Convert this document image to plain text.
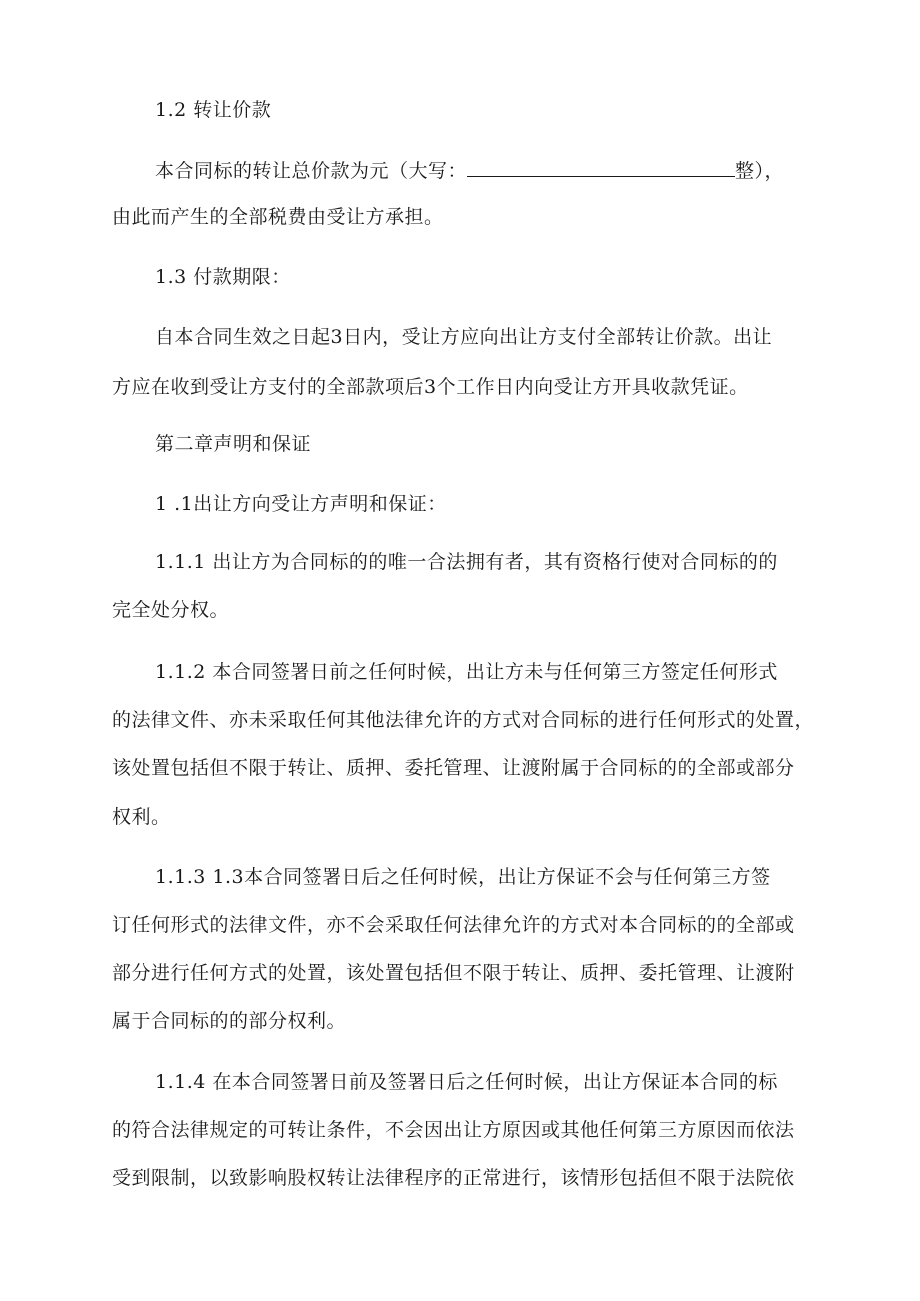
1.2 转让价款
本合同标的转让总价款为元（大写：	整），
由此而产生的全部税费由受让方承担。
1.3 付款期限：
自本合同生效之日起3日内，受让方应向出让方支付全部转让价款。出让
方应在收到受让方支付的全部款项后3个工作日内向受让方开具收款凭证。
第二章声明和保证
1 .1出让方向受让方声明和保证：
1.1.1 出让方为合同标的的唯一合法拥有者，其有资格行使对合同标的的
完全处分权。
1.1.2 本合同签署日前之任何时候，出让方未与任何第三方签定任何形式
的法律文件、亦未采取任何其他法律允许的方式对合同标的进行任何形式的处置，
该处置包括但不限于转让、质押、委托管理、让渡附属于合同标的的全部或部分
权利。
1.1.3 1.3本合同签署日后之任何时候，出让方保证不会与任何第三方签
订任何形式的法律文件，亦不会采取任何法律允许的方式对本合同标的的全部或
部分进行任何方式的处置，该处置包括但不限于转让、质押、委托管理、让渡附
属于合同标的的部分权利。
1.1.4 在本合同签署日前及签署日后之任何时候，出让方保证本合同的标
的符合法律规定的可转让条件，不会因出让方原因或其他任何第三方原因而依法
受到限制，以致影响股权转让法律程序的正常进行，该情形包括但不限于法院依
